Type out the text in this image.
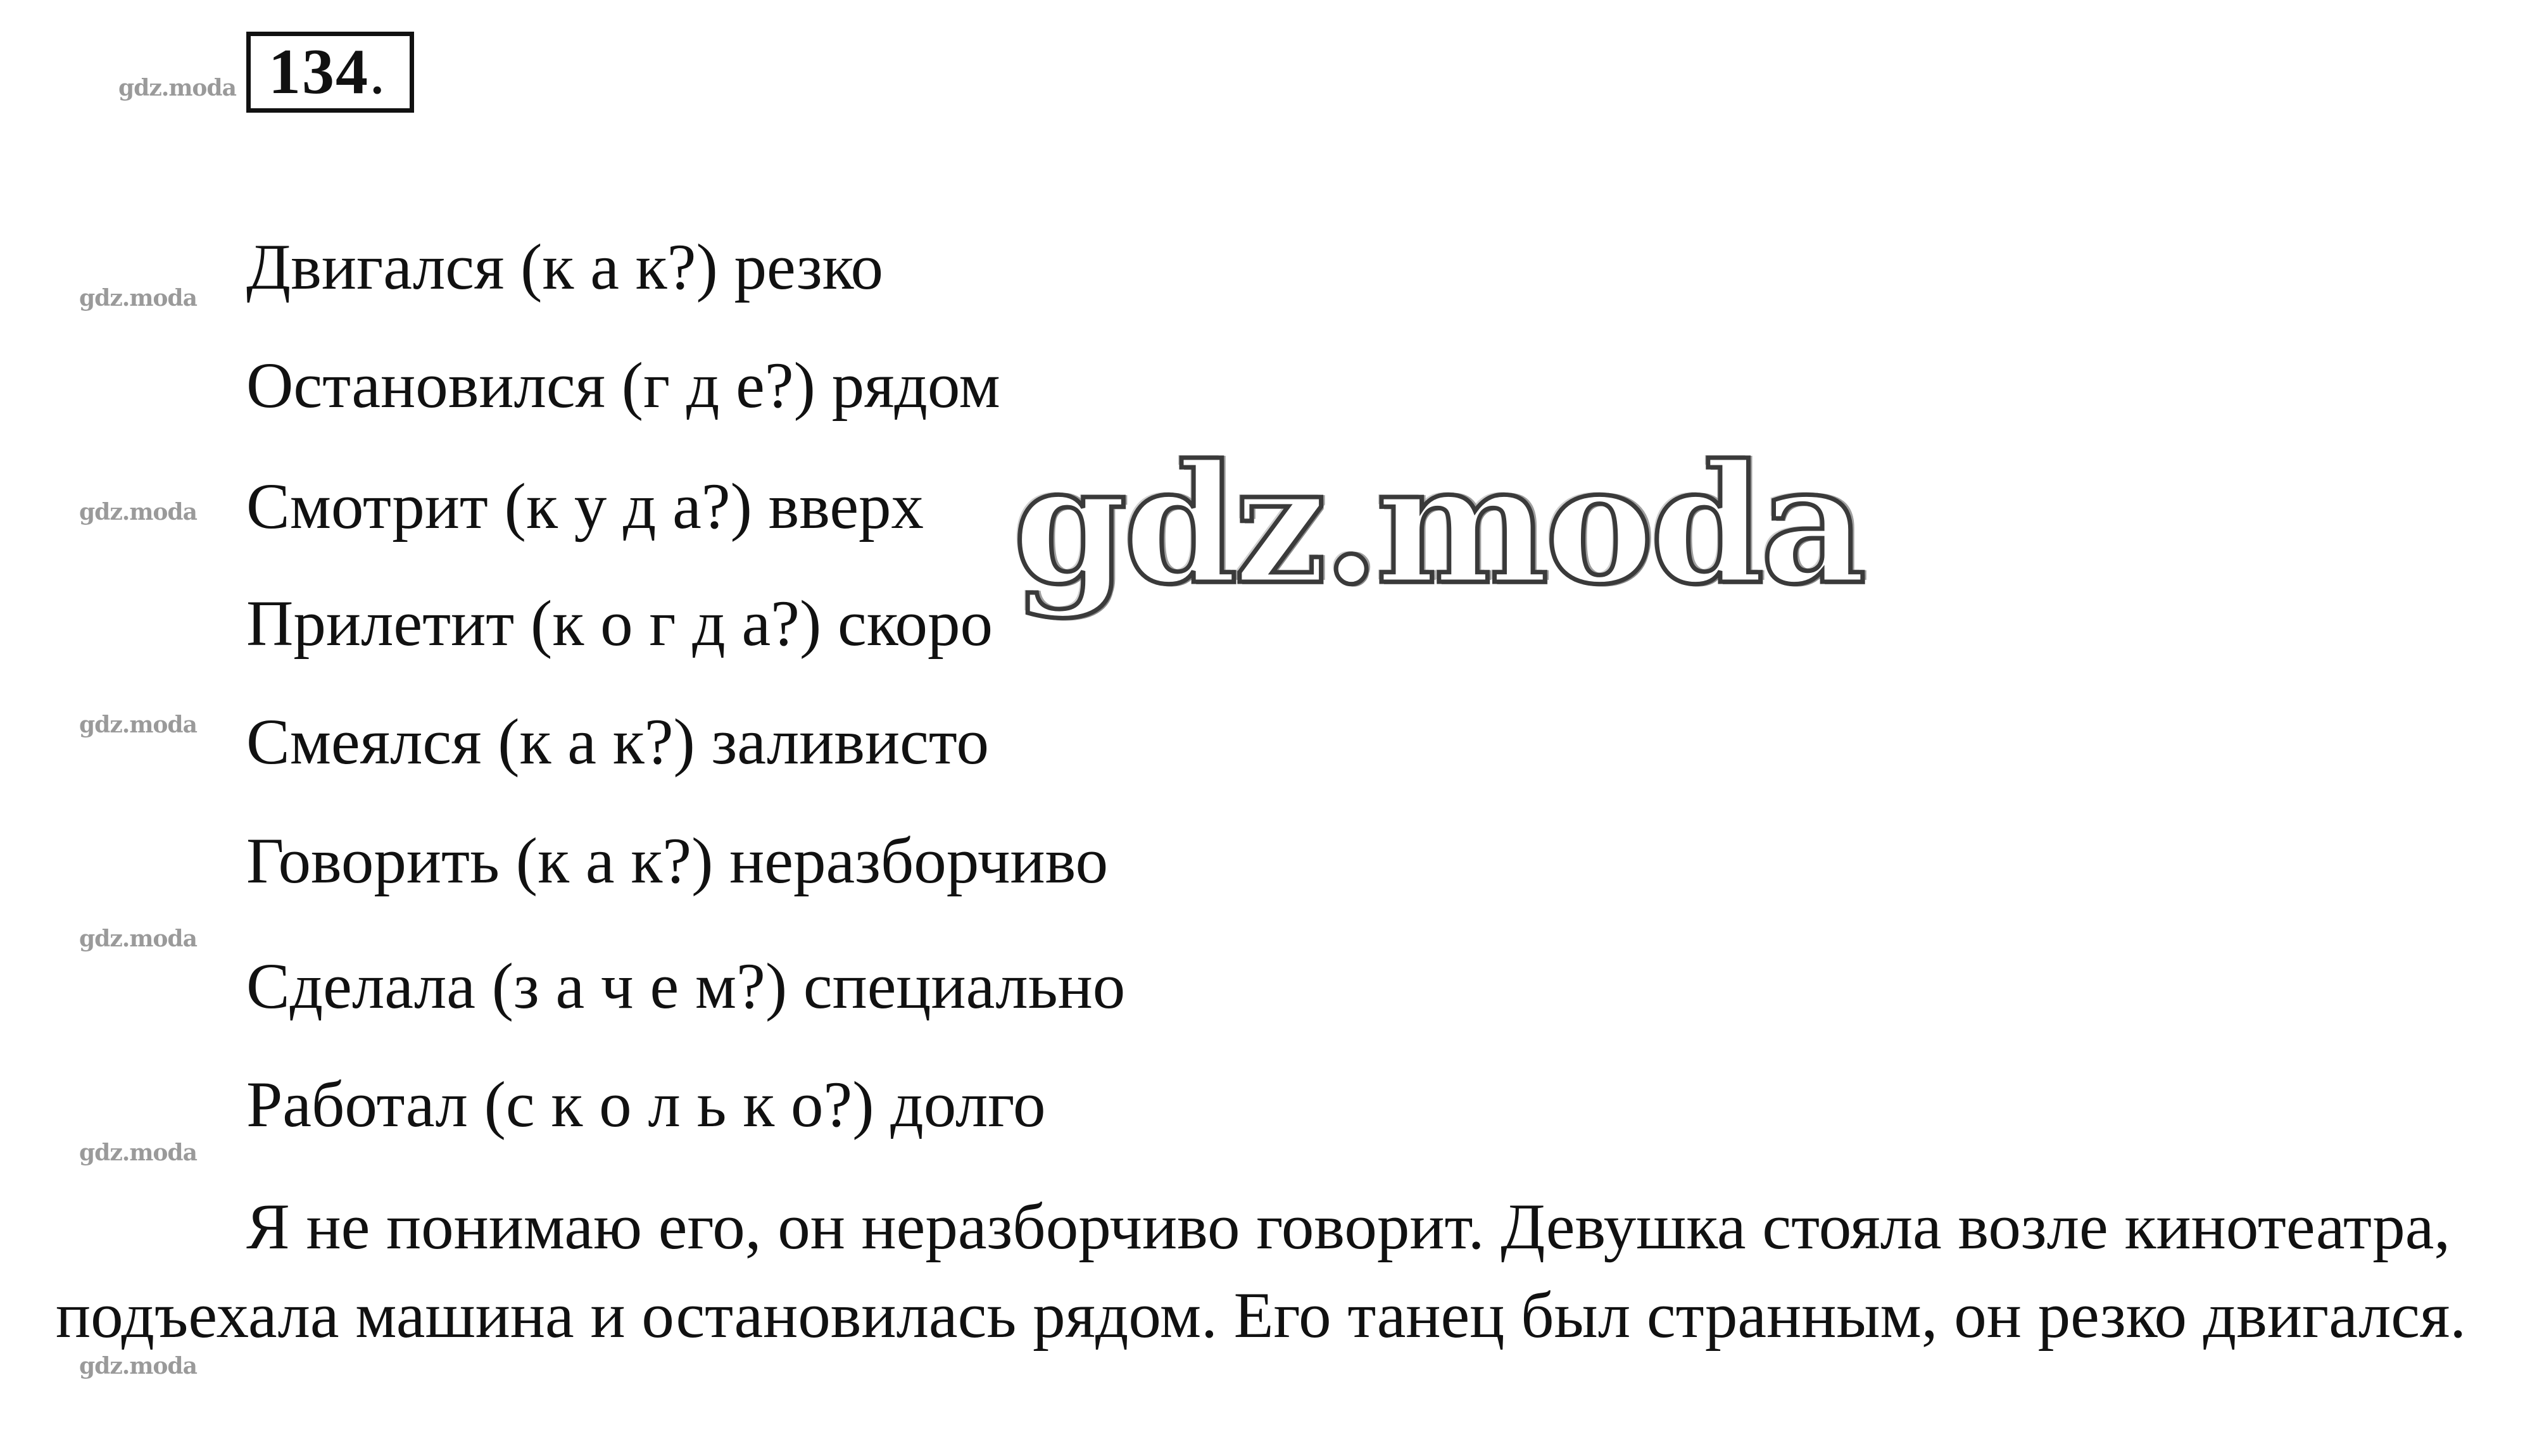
gdz.moda 134 .
gdz.moda
gdz.moda
gdz.moda
gdz.moda
gdz.moda
gdz.moda
Двигался (к а к?) резко
Остановился (г д е?) рядом
Смотрит (к у д а?) вверх
Прилетит (к о г д а?) скоро
Смеялся (к а к?) заливисто
Говорить (к а к?) неразборчиво
Сделала (з а ч е м?) специально
Работал (с к о л ь к о?) долго
Я не понимаю его, он неразборчиво говорит. Девушка стояла возле кинотеатра, подъехала машина и остановилась рядом. Его танец был странным, он резко двигался.
gdz.moda
